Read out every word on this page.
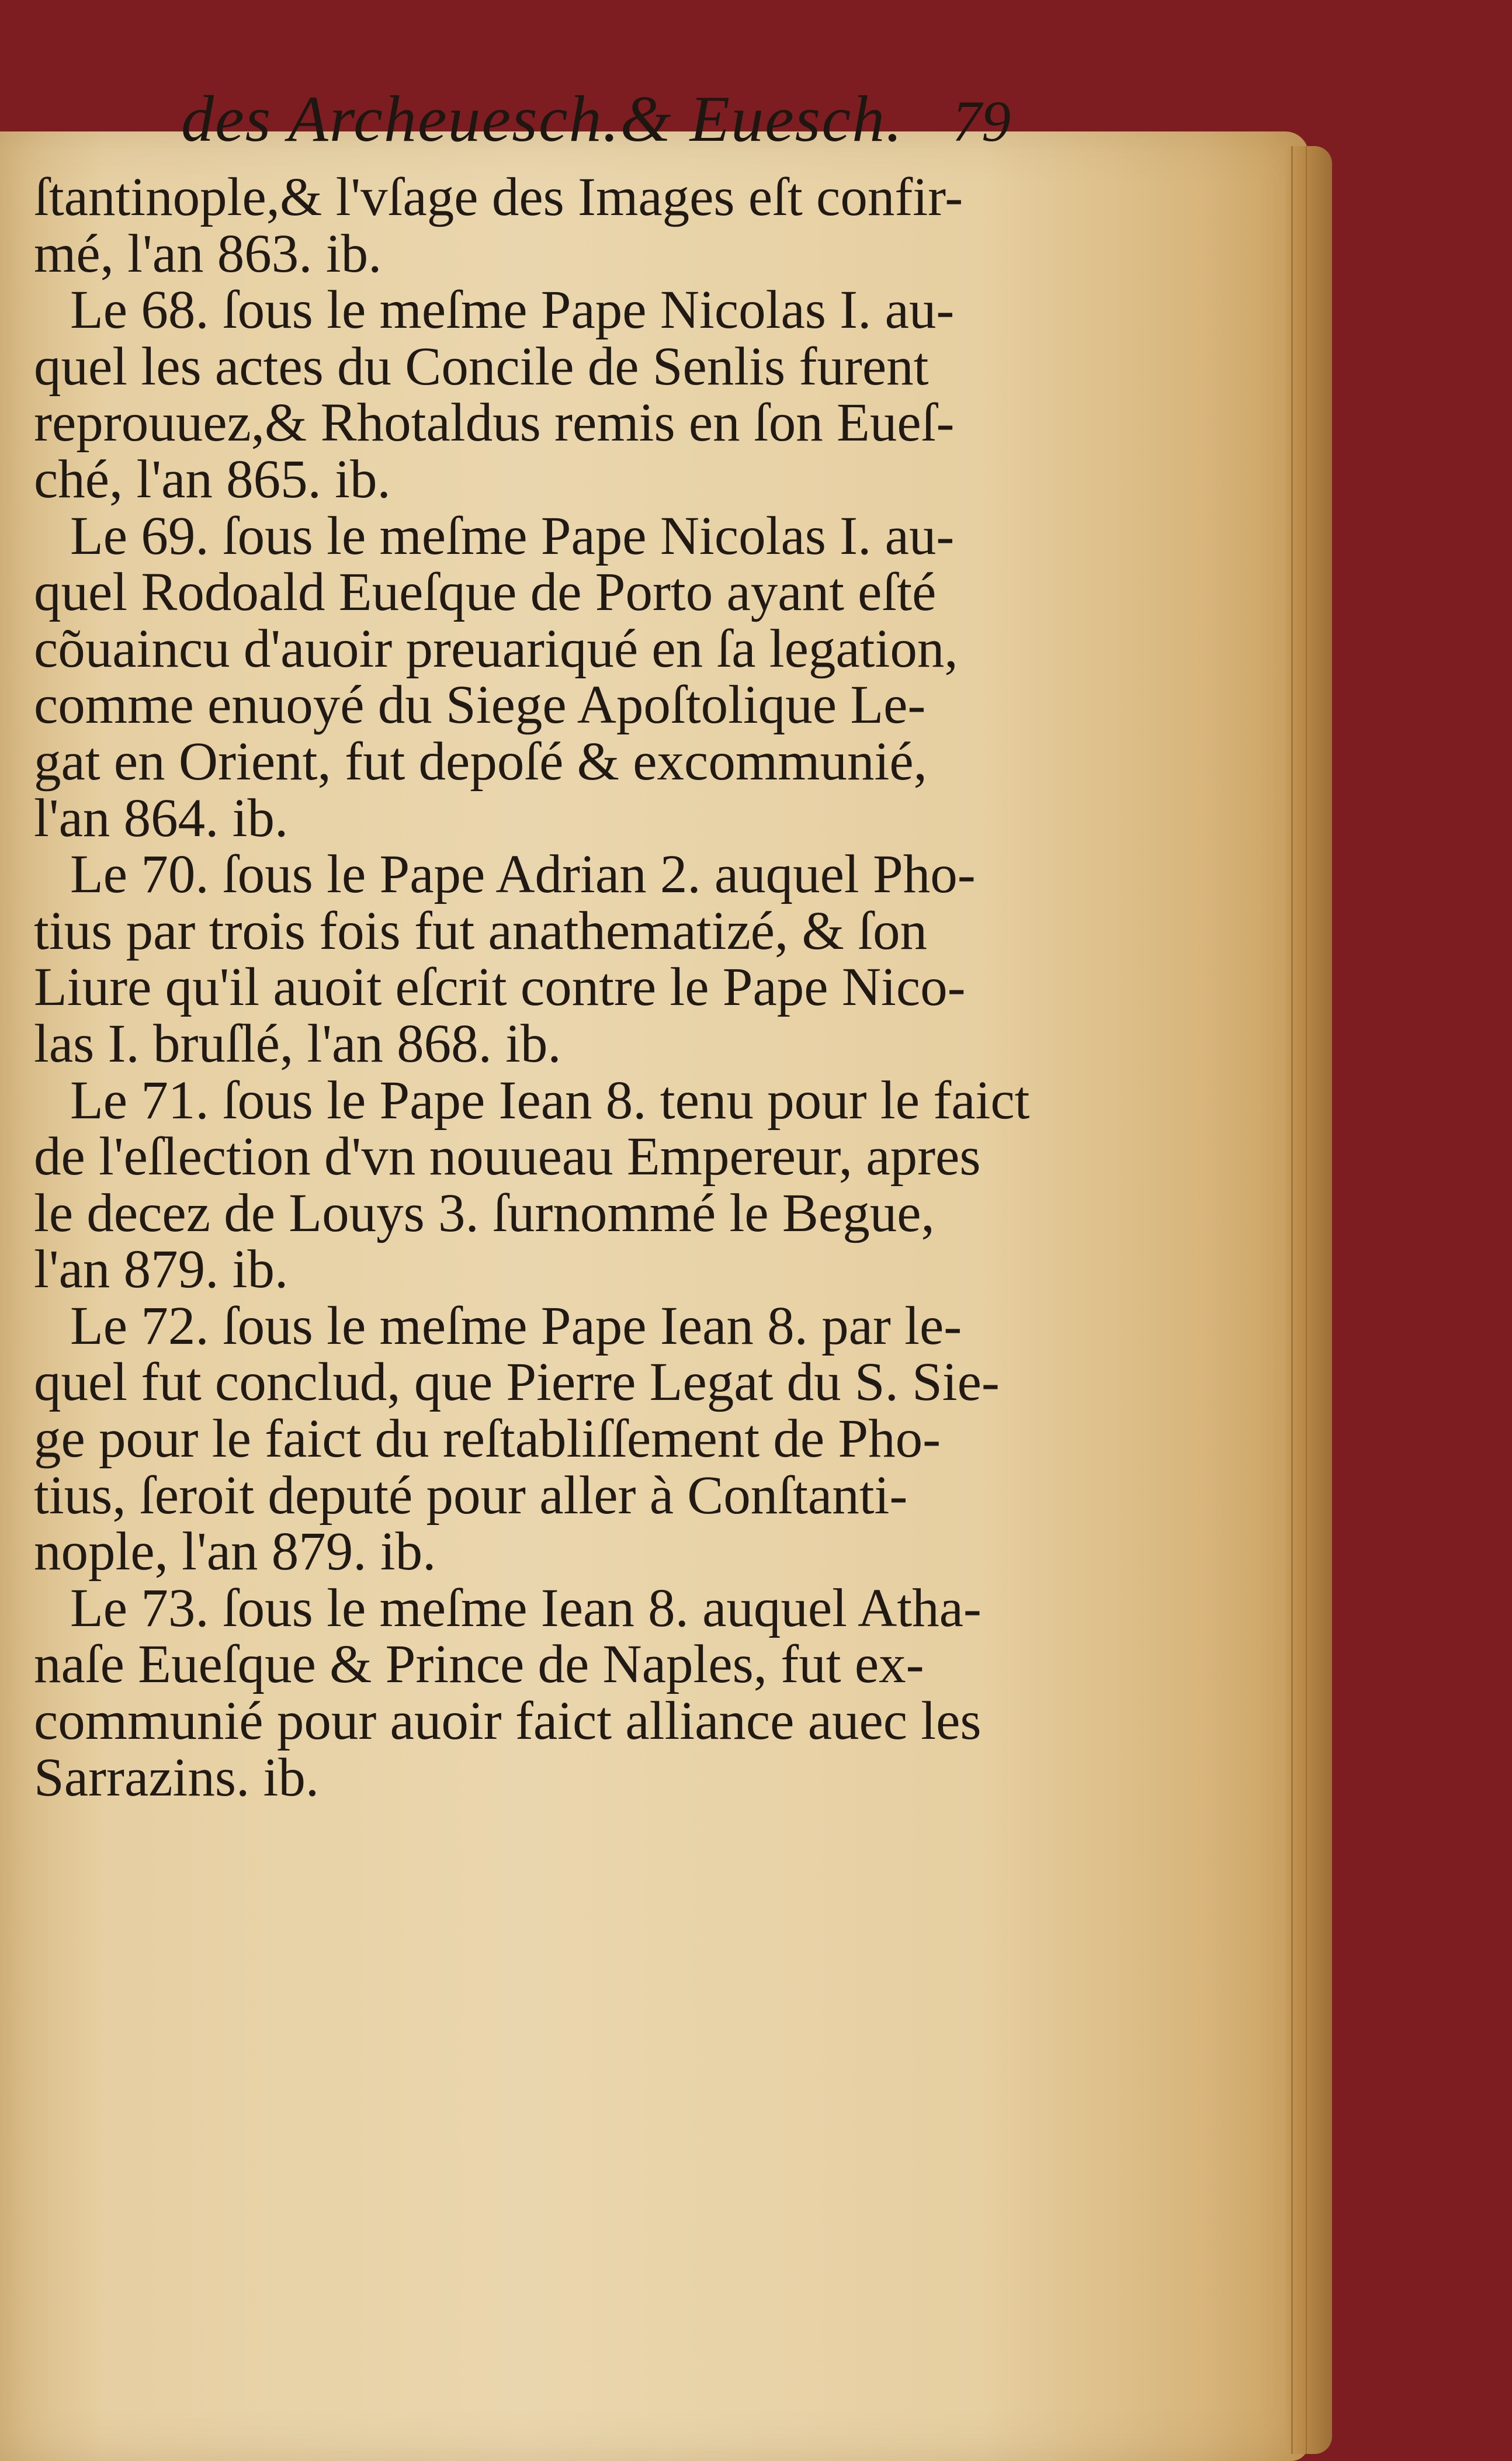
des Archeuesch.& Euesch. 79
ſtantinople,& l'vſage des Images eſt confir-
mé, l'an 863. ib.
Le 68. ſous le meſme Pape Nicolas I. au-
quel les actes du Concile de Senlis furent
reprouuez,& Rhotaldus remis en ſon Eueſ-
ché, l'an 865. ib.
Le 69. ſous le meſme Pape Nicolas I. au-
quel Rodoald Eueſque de Porto ayant eſté
cõuaincu d'auoir preuariqué en ſa legation,
comme enuoyé du Siege Apoſtolique Le-
gat en Orient, fut depoſé & excommunié,
l'an 864. ib.
Le 70. ſous le Pape Adrian 2. auquel Pho-
tius par trois fois fut anathematizé, & ſon
Liure qu'il auoit eſcrit contre le Pape Nico-
las I. bruſlé, l'an 868. ib.
Le 71. ſous le Pape Iean 8. tenu pour le faict
de l'eſlection d'vn nouueau Empereur, apres
le decez de Louys 3. ſurnommé le Begue,
l'an 879. ib.
Le 72. ſous le meſme Pape Iean 8. par le-
quel fut conclud, que Pierre Legat du S. Sie-
ge pour le faict du reſtabliſſement de Pho-
tius, ſeroit deputé pour aller à Conſtanti-
nople, l'an 879. ib.
Le 73. ſous le meſme Iean 8. auquel Atha-
naſe Eueſque & Prince de Naples, fut ex-
communié pour auoir faict alliance auec les
Sarrazins. ib.
